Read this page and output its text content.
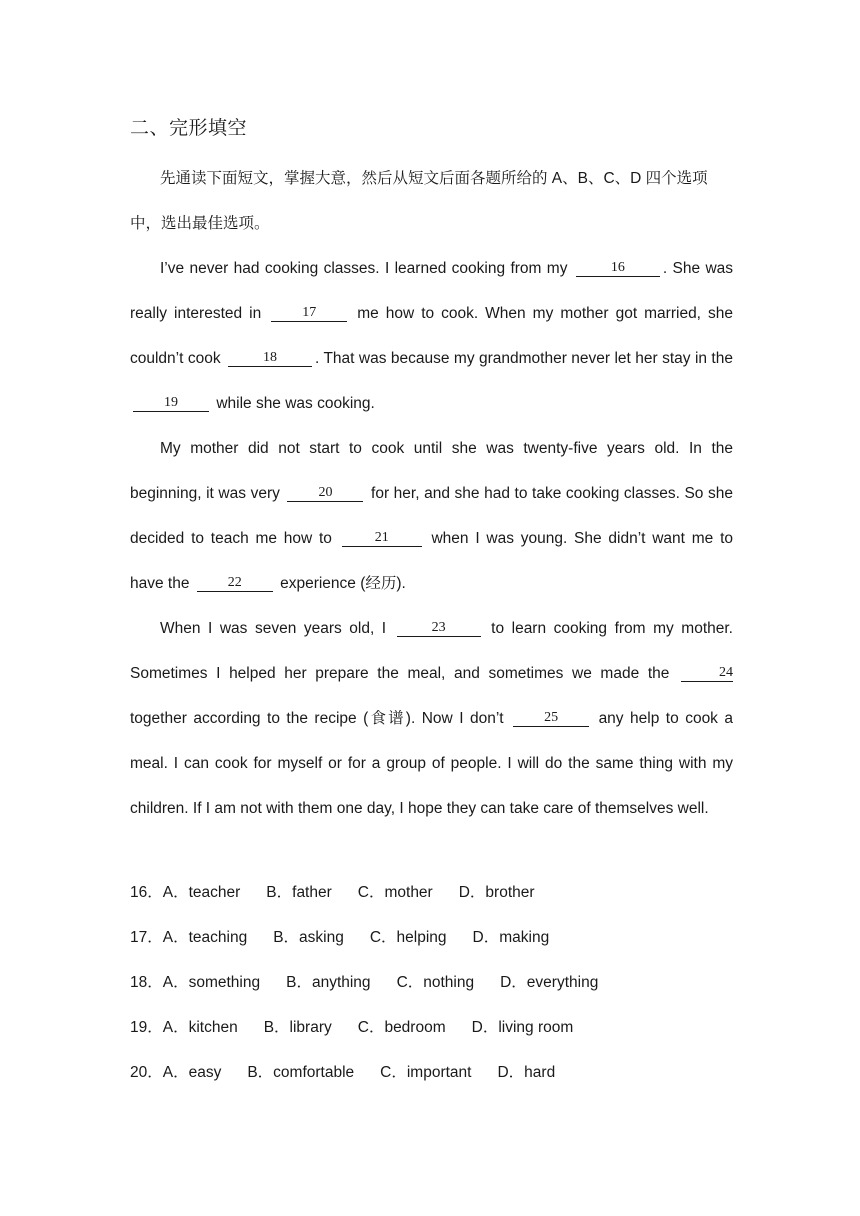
二、完形填空

先通读下面短文，掌握大意，然后从短文后面各题所给的 A、B、C、D 四个选项中，选出最佳选项。

I’ve never had cooking classes. I learned cooking from my	16 . She was really interested in	17	me how to cook. When my mother got married, she couldn’t cook	18 . That was because my grandmother never let her stay in the 19 while she was cooking.

My mother did not start to cook until she was twenty-five years old. In the beginning, it was very	20 for her, and she had to take cooking classes. So she decided to teach me how to	21	when I was young. She didn’t want me to have the	22 experience (经历).

When I was seven years old, I	23	to learn cooking from my mother. Sometimes I helped her prepare the meal, and sometimes we made the	24 together according to the recipe (食谱). Now I don’t	25	any help to cook a meal. I can cook for myself or for a group of people. I will do the same thing with my children. If I am not with them one day, I hope they can take care of themselves well.

16．A．teacher B．father C．mother D．brother
17．A．teaching B．asking C．helping D．making
18．A．something B．anything C．nothing D．everything
19．A．kitchen B．library C．bedroom D．living room
20．A．easy B．comfortable C．important D．hard
